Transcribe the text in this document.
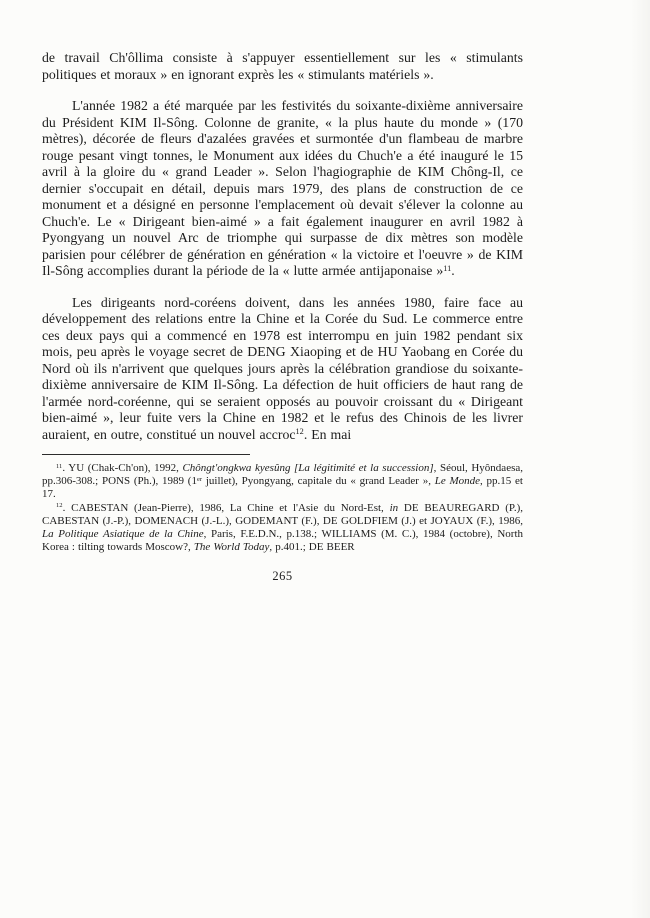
de travail Ch'ôllima consiste à s'appuyer essentiellement sur les « stimulants politiques et moraux » en ignorant exprès les « stimulants matériels ».

L'année 1982 a été marquée par les festivités du soixante-dixième anniversaire du Président KIM Il-Sông. Colonne de granite, « la plus haute du monde » (170 mètres), décorée de fleurs d'azalées gravées et surmontée d'un flambeau de marbre rouge pesant vingt tonnes, le Monument aux idées du Chuch'e a été inauguré le 15 avril à la gloire du « grand Leader ». Selon l'hagiographie de KIM Chông-Il, ce dernier s'occupait en détail, depuis mars 1979, des plans de construction de ce monument et a désigné en personne l'emplacement où devait s'élever la colonne au Chuch'e. Le « Dirigeant bien-aimé » a fait également inaugurer en avril 1982 à Pyongyang un nouvel Arc de triomphe qui surpasse de dix mètres son modèle parisien pour célébrer de génération en génération « la victoire et l'oeuvre » de KIM Il-Sông accomplies durant la période de la « lutte armée antijaponaise »$^{11}$.

Les dirigeants nord-coréens doivent, dans les années 1980, faire face au développement des relations entre la Chine et la Corée du Sud. Le commerce entre ces deux pays qui a commencé en 1978 est interrompu en juin 1982 pendant six mois, peu après le voyage secret de DENG Xiaoping et de HU Yaobang en Corée du Nord où ils n'arrivent que quelques jours après la célébration grandiose du soixante-dixième anniversaire de KIM Il-Sông. La défection de huit officiers de haut rang de l'armée nord-coréenne, qui se seraient opposés au pouvoir croissant du « Dirigeant bien-aimé », leur fuite vers la Chine en 1982 et le refus des Chinois de les livrer auraient, en outre, constitué un nouvel accroc$^{12}$. En mai

$^{11}$. YU (Chak-Ch'on), 1992, Chôngt'ongkwa kyesûng [La légitimité et la succession], Séoul, Hyôndaesa, pp.306-308.; PONS (Ph.), 1989 (1er juillet), Pyongyang, capitale du « grand Leader », Le Monde, pp.15 et 17.

$^{12}$. CABESTAN (Jean-Pierre), 1986, La Chine et l'Asie du Nord-Est, in DE BEAUREGARD (P.), CABESTAN (J.-P.), DOMENACH (J.-L.), GODEMANT (F.), DE GOLDFIEM (J.) et JOYAUX (F.), 1986, La Politique Asiatique de la Chine, Paris, F.E.D.N., p.138.; WILLIAMS (M. C.), 1984 (octobre), North Korea : tilting towards Moscow?, The World Today, p.401.; DE BEER

265
